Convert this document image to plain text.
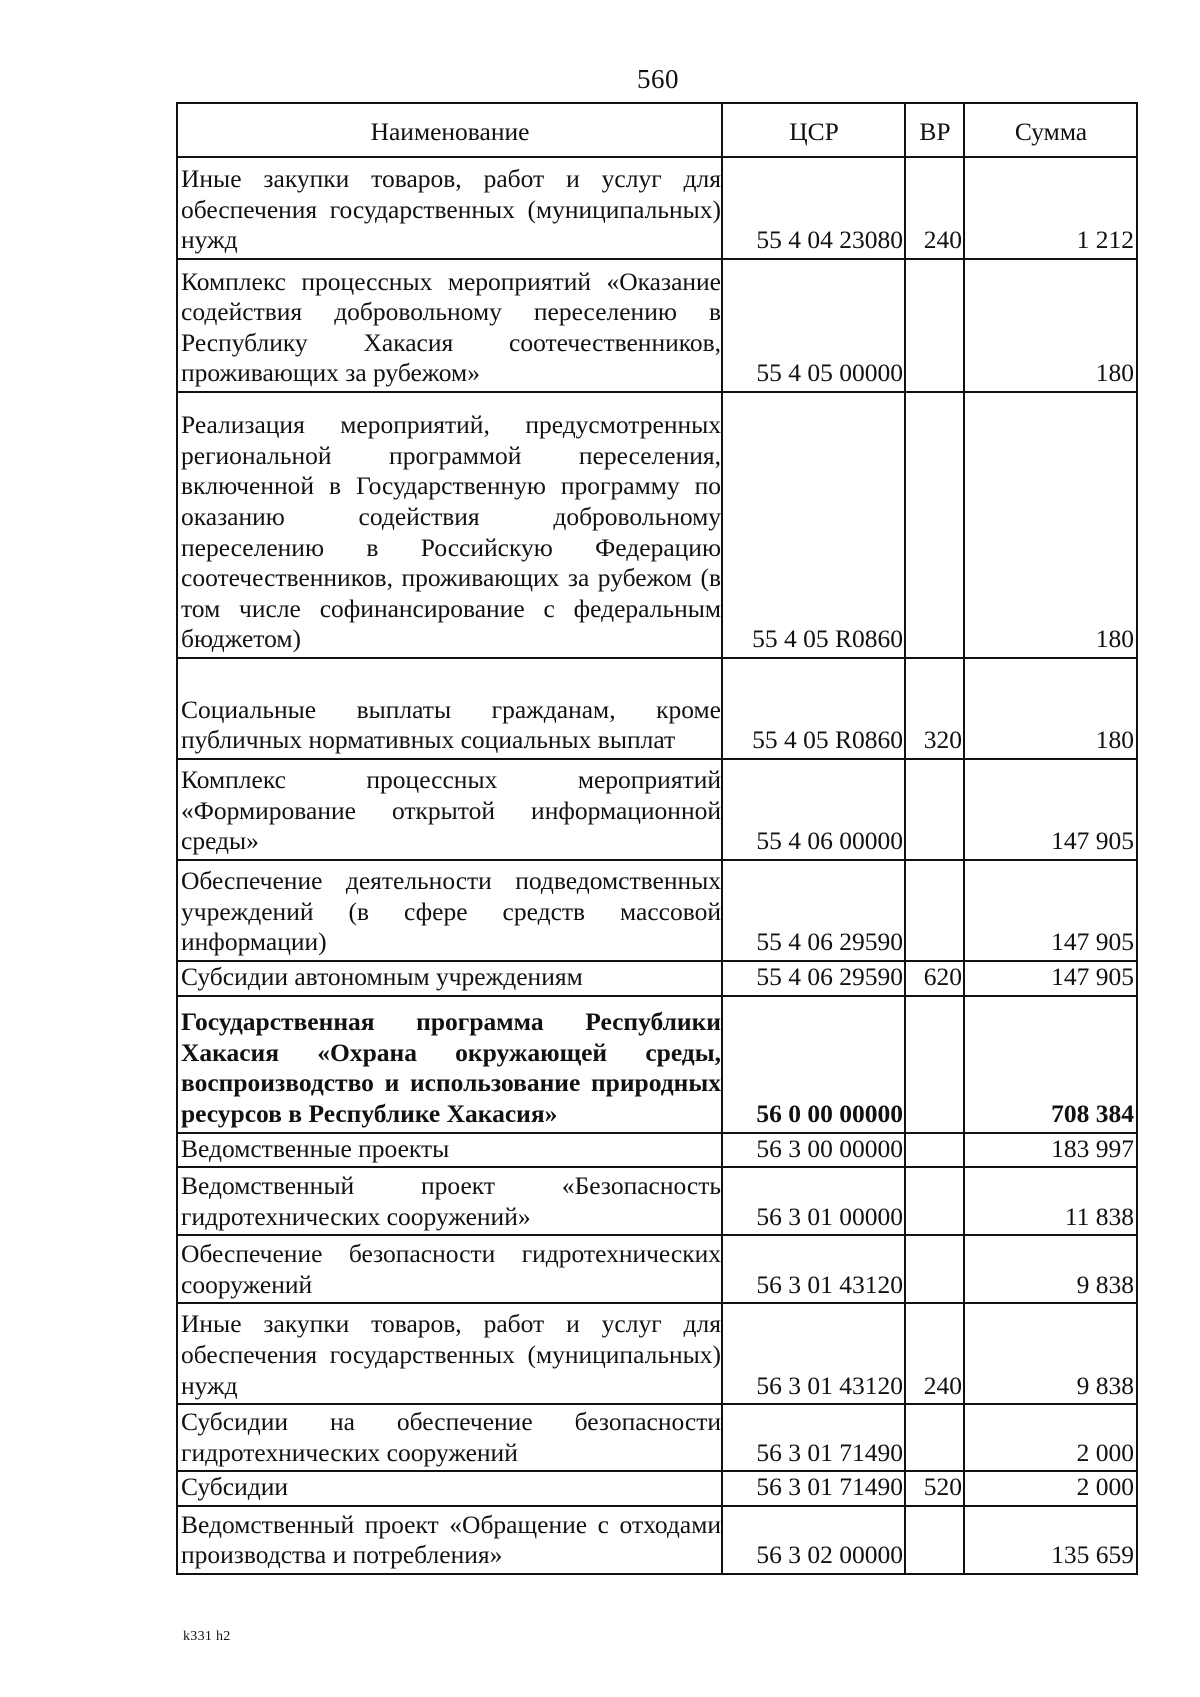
560
Наименование	ЦСР	ВР	Сумма
Иные закупки товаров, работ и услуг для обеспечения государственных (муниципальных) нужд	55 4 04 23080	240	1 212
Комплекс процессных мероприятий «Оказание содействия добровольному переселению в Республику Хакасия соотечественников, проживающих за рубежом»	55 4 05 00000		180
Реализация мероприятий, предусмотренных региональной программой переселения, включенной в Государственную программу по оказанию содействия добровольному переселению в Российскую Федерацию соотечественников, проживающих за рубежом (в том числе софинансирование с федеральным бюджетом)	55 4 05 R0860		180
Социальные выплаты гражданам, кроме публичных нормативных социальных выплат	55 4 05 R0860	320	180
Комплекс процессных мероприятий «Формирование открытой информационной среды»	55 4 06 00000		147 905
Обеспечение деятельности подведомственных учреждений (в сфере средств массовой информации)	55 4 06 29590		147 905
Субсидии автономным учреждениям	55 4 06 29590	620	147 905
Государственная программа Республики Хакасия «Охрана окружающей среды, воспроизводство и использование природных ресурсов в Республике Хакасия»	56 0 00 00000		708 384
Ведомственные проекты	56 3 00 00000		183 997
Ведомственный проект «Безопасность гидротехнических сооружений»	56 3 01 00000		11 838
Обеспечение безопасности гидротехнических сооружений	56 3 01 43120		9 838
Иные закупки товаров, работ и услуг для обеспечения государственных (муниципальных) нужд	56 3 01 43120	240	9 838
Субсидии на обеспечение безопасности гидротехнических сооружений	56 3 01 71490		2 000
Субсидии	56 3 01 71490	520	2 000
Ведомственный проект «Обращение с отходами производства и потребления»	56 3 02 00000		135 659
k331 h2
